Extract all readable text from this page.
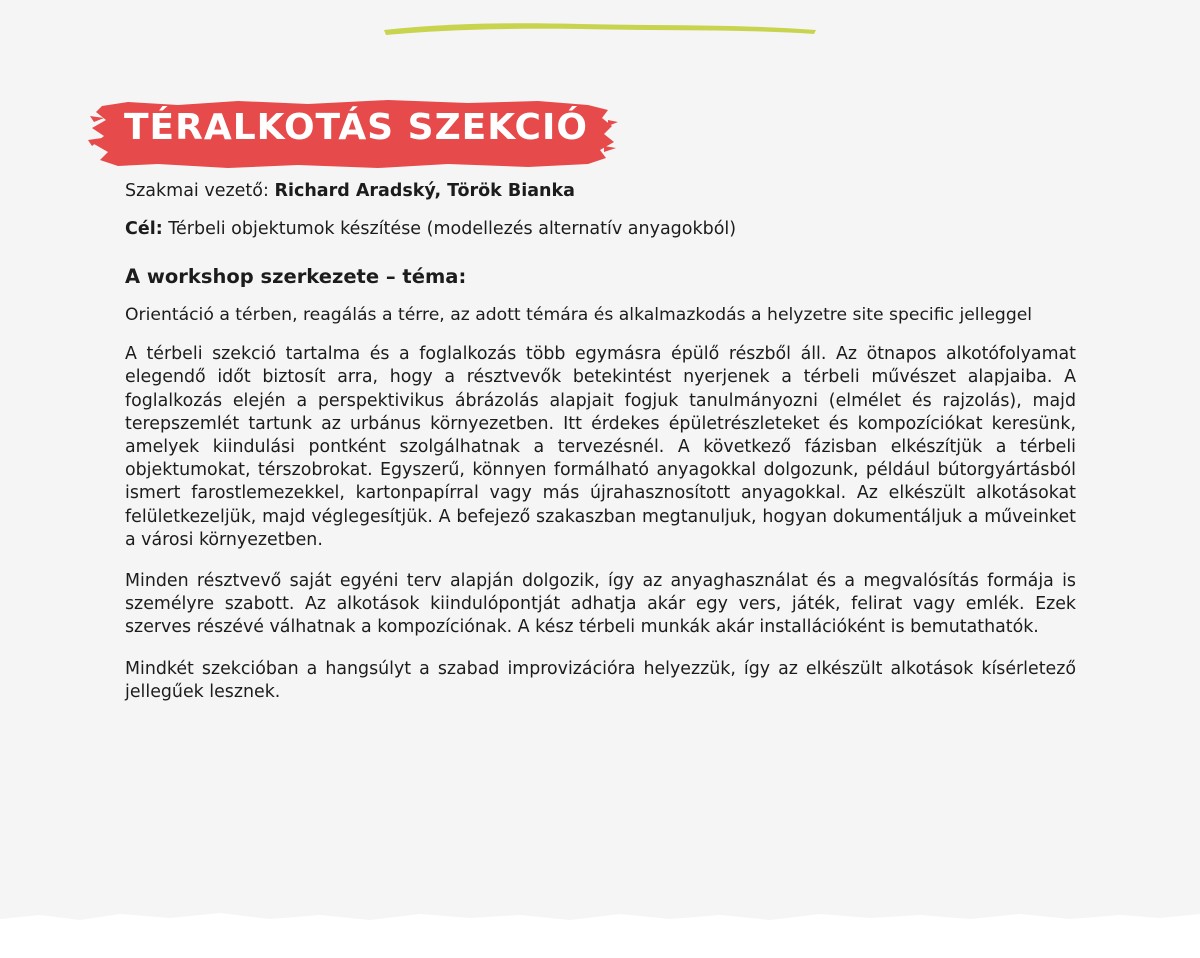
TÉRALKOTÁS SZEKCIÓ

Szakmai vezető: Richard Aradský, Török Bianka

Cél: Térbeli objektumok készítése (modellezés alternatív anyagokból)

A workshop szerkezete – téma:

Orientáció a térben, reagálás a térre, az adott témára és alkalmazkodás a helyzetre site specific jelleggel

A térbeli szekció tartalma és a foglalkozás több egymásra épülő részből áll. Az ötnapos alkotófolyamat elegendő időt biztosít arra, hogy a résztvevők betekintést nyerjenek a térbeli művészet alapjaiba. A foglalkozás elején a perspektivikus ábrázolás alapjait fogjuk tanulmányozni (elmélet és rajzolás), majd terepszemlét tartunk az urbánus környezetben. Itt érdekes épületrészleteket és kompozíciókat keresünk, amelyek kiindulási pontként szolgálhatnak a tervezésnél. A következő fázisban elkészítjük a térbeli objektumokat, térszobrokat. Egyszerű, könnyen formálható anyagokkal dolgozunk, például bútorgyártásból ismert farostlemezekkel, kartonpapírral vagy más újrahasznosított anyagokkal. Az elkészült alkotásokat felületkezeljük, majd véglegesítjük. A befejező szakaszban megtanuljuk, hogyan dokumentáljuk a műveinket a városi környezetben.

Minden résztvevő saját egyéni terv alapján dolgozik, így az anyaghasználat és a megvalósítás formája is személyre szabott. Az alkotások kiindulópontját adhatja akár egy vers, játék, felirat vagy emlék. Ezek szerves részévé válhatnak a kompozíciónak. A kész térbeli munkák akár installációként is bemutathatók.

Mindkét szekcióban a hangsúlyt a szabad improvizációra helyezzük, így az elkészült alkotások kísérletező jellegűek lesznek.
